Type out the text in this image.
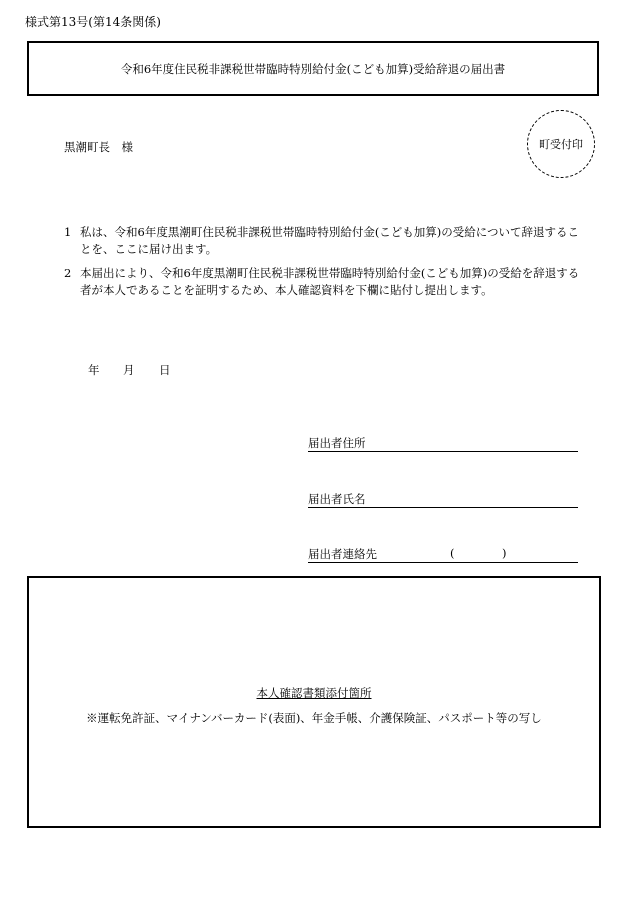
様式第13号(第14条関係)
令和6年度住民税非課税世帯臨時特別給付金(こども加算)受給辞退の届出書
黒潮町長　様	町受付印
1 私は、令和6年度黒潮町住民税非課税世帯臨時特別給付金(こども加算)の受給について辞退することを、ここに届け出ます。
2 本届出により、令和6年度黒潮町住民税非課税世帯臨時特別給付金(こども加算)の受給を辞退する者が本人であることを証明するため、本人確認資料を下欄に貼付し提出します。
年 月 日
届出者住所
届出者氏名
届出者連絡先	(	)
本人確認書類添付箇所
※運転免許証、マイナンバーカード(表面)、年金手帳、介護保険証、パスポート等の写し
